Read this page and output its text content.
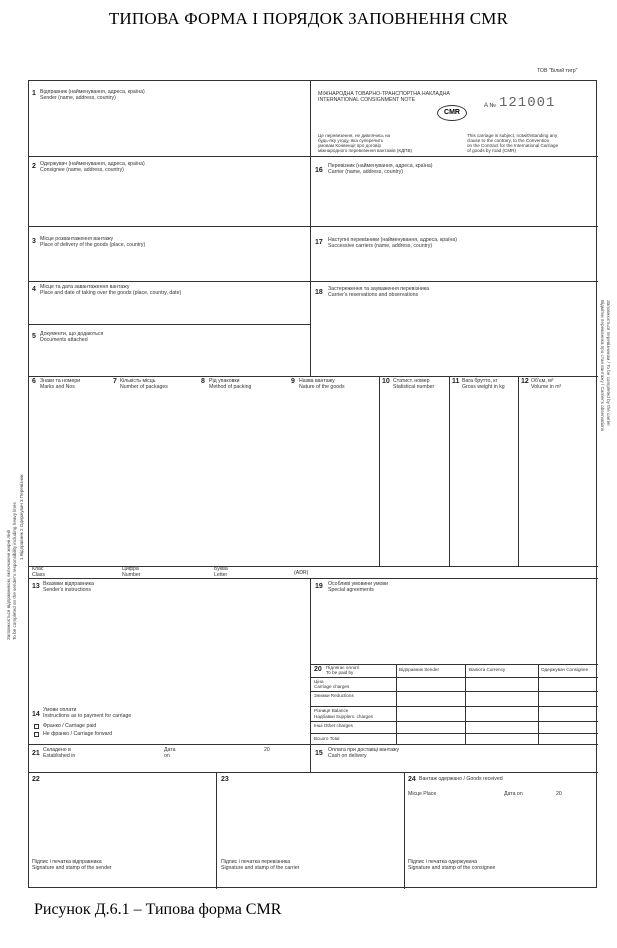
ТИПОВА ФОРМА І ПОРЯДОК ЗАПОВНЕННЯ CMR
ТОВ "Білий тигр"
МІЖНАРОДНА ТОВАРНО-ТРАНСПОРТНА НАКЛАДНА
INTERNATIONAL CONSIGNMENT NOTE
CMR
A № 121001
Це перевезення, не дивлячись на
будь-яку угоду, яка суперечить
умовам Конвенції про договір
міжнародного перевезення вантажів (КДПВ)
This carriage is subject, notwithstanding any
clause to the contrary, to the Convention
on the Contract for the International Carriage
of goods by road (CMR)
1 Відправник (найменування, адреса, країна)
Sender (name, address, country)
2 Одержувач (найменування, адреса, країна)
Consignee (name, address, country)
3 Місце розвантаження вантажу
Place of delivery of the goods (place, country)
4 Місце та дата завантаження вантажу
Place and date of taking over the goods (place, country, date)
5 Документи, що додаються
Documents attached
16
Перевізник (найменування, адреса, країна)
Carrier (name, address, country)
17 Наступні перевізники (найменування, адреса, країна)
Successive carriers (name, address, country)
18 Застереження та зауваження перевізника
Carrier's reservations and observations
6 Знаки та номери
Marks and Nos
7 Кількість місць
Number of packages
8 Рід упаковки
Method of packing
9 Назва вантажу
Nature of the goods
10 Статист. номер
Statistical number
11 Вага брутто, кг
Gross weight in kg
12 Об'єм, м³
Volume in m³
Клас
Class
Цифра
Number
Буква
Letter	(ADR)
13 Вказівки відправника
Sender's instructions	19 Особливі умовини умови
Special agreements
20 Підлягає оплаті
To be paid by
Відправник Sender	Валюта Currency	Одержувач Consignee
Ціна
Carriage charges
Знижки Reductions
Різниця Balance
Надбавки Supplem. charges
Інші Other charges
Всього Total
14
Умови оплати
Instructions as to payment for carriage
Франко / Carriage paid
Не франко / Carriage forward
21 Складено в
Established in
Дата
on
20	15 Оплата при доставці вантажу
Cash on delivery
22
Підпис і печатка відправника
Signature and stamp of the sender
23
Підпис і печатка перевізника
Signature and stamp of the carrier
24 Вантаж одержано / Goods received
Місце Place	Дата on	20
Підпис і печатка одержувача
Signature and stamp of the consignee
Заповнюється відправником, включаючи жирні лінії To be completed on the sender's responsibility including heavy lines 1 Відправник 2 Одержувач 3 Перевізник
Заповнюється перевізником / To be completed by the carrier
Відмітки перевізника про стан вантажу / Carrier's observations
Рисунок Д.6.1 – Типова форма CMR
